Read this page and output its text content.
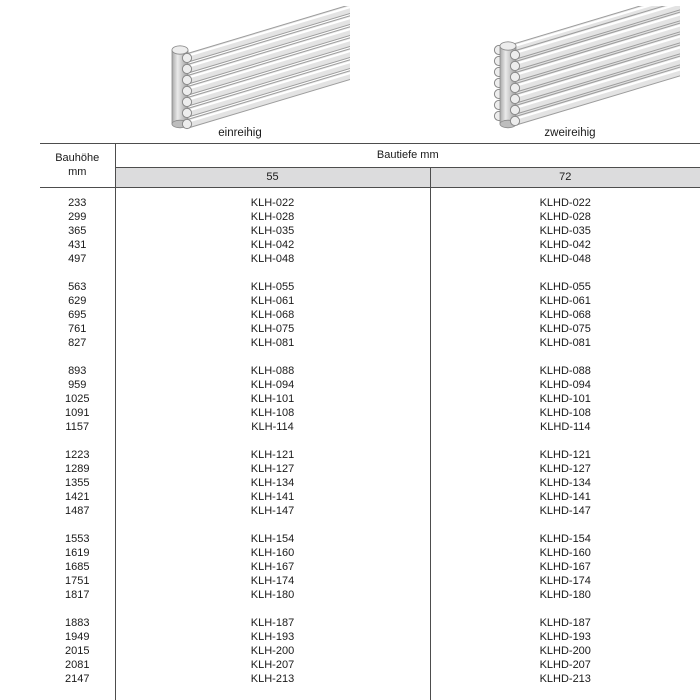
einreihig	zweireihig
Bauhöhe
mm	Bautiefe mm	
	55	72

233	KLH-022	KLHD-022
299	KLH-028	KLHD-028
365	KLH-035	KLHD-035
431	KLH-042	KLHD-042
497	KLH-048	KLHD-048

563	KLH-055	KLHD-055
629	KLH-061	KLHD-061
695	KLH-068	KLHD-068
761	KLH-075	KLHD-075
827	KLH-081	KLHD-081

893	KLH-088	KLHD-088
959	KLH-094	KLHD-094
1025	KLH-101	KLHD-101
1091	KLH-108	KLHD-108
1157	KLH-114	KLHD-114

1223	KLH-121	KLHD-121
1289	KLH-127	KLHD-127
1355	KLH-134	KLHD-134
1421	KLH-141	KLHD-141
1487	KLH-147	KLHD-147

1553	KLH-154	KLHD-154
1619	KLH-160	KLHD-160
1685	KLH-167	KLHD-167
1751	KLH-174	KLHD-174
1817	KLH-180	KLHD-180

1883	KLH-187	KLHD-187
1949	KLH-193	KLHD-193
2015	KLH-200	KLHD-200
2081	KLH-207	KLHD-207
2147	KLH-213	KLHD-213
